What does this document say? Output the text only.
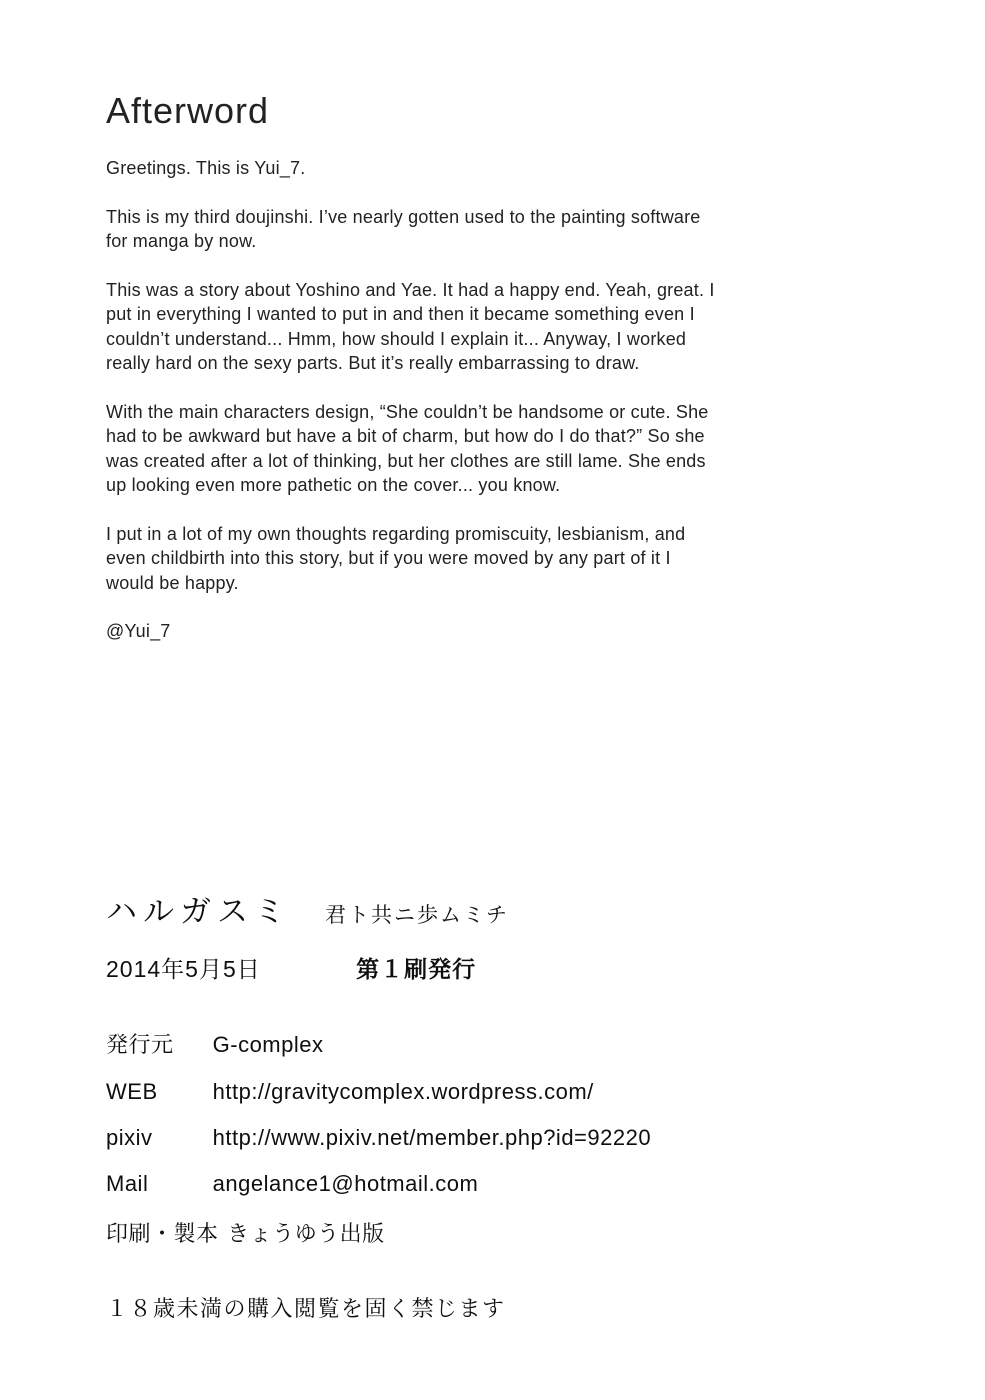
Afterword

Greetings. This is Yui_7.

This is my third doujinshi. I’ve nearly gotten used to the painting software for manga by now.

This was a story about Yoshino and Yae. It had a happy end. Yeah, great. I put in everything I wanted to put in and then it became something even I couldn’t understand... Hmm, how should I explain it... Anyway, I worked really hard on the sexy parts. But it’s really embarrassing to draw.

With the main characters design, “She couldn’t be handsome or cute. She had to be awkward but have a bit of charm, but how do I do that?” So she was created after a lot of thinking, but her clothes are still lame. She ends up looking even more pathetic on the cover... you know.

I put in a lot of my own thoughts regarding promiscuity, lesbianism, and even childbirth into this story, but if you were moved by any part of it I would be happy.

@Yui_7

ハルガスミ 君ト共ニ歩ムミチ
2014年5月5日	第１刷発行
発行元 G-complex
WEB	http://gravitycomplex.wordpress.com/
pixiv	http://www.pixiv.net/member.php?id=92220
Mail	angelance1@hotmail.com
印刷・製本 きょうゆう出版
１８歳未満の購入閲覧を固く禁じます
